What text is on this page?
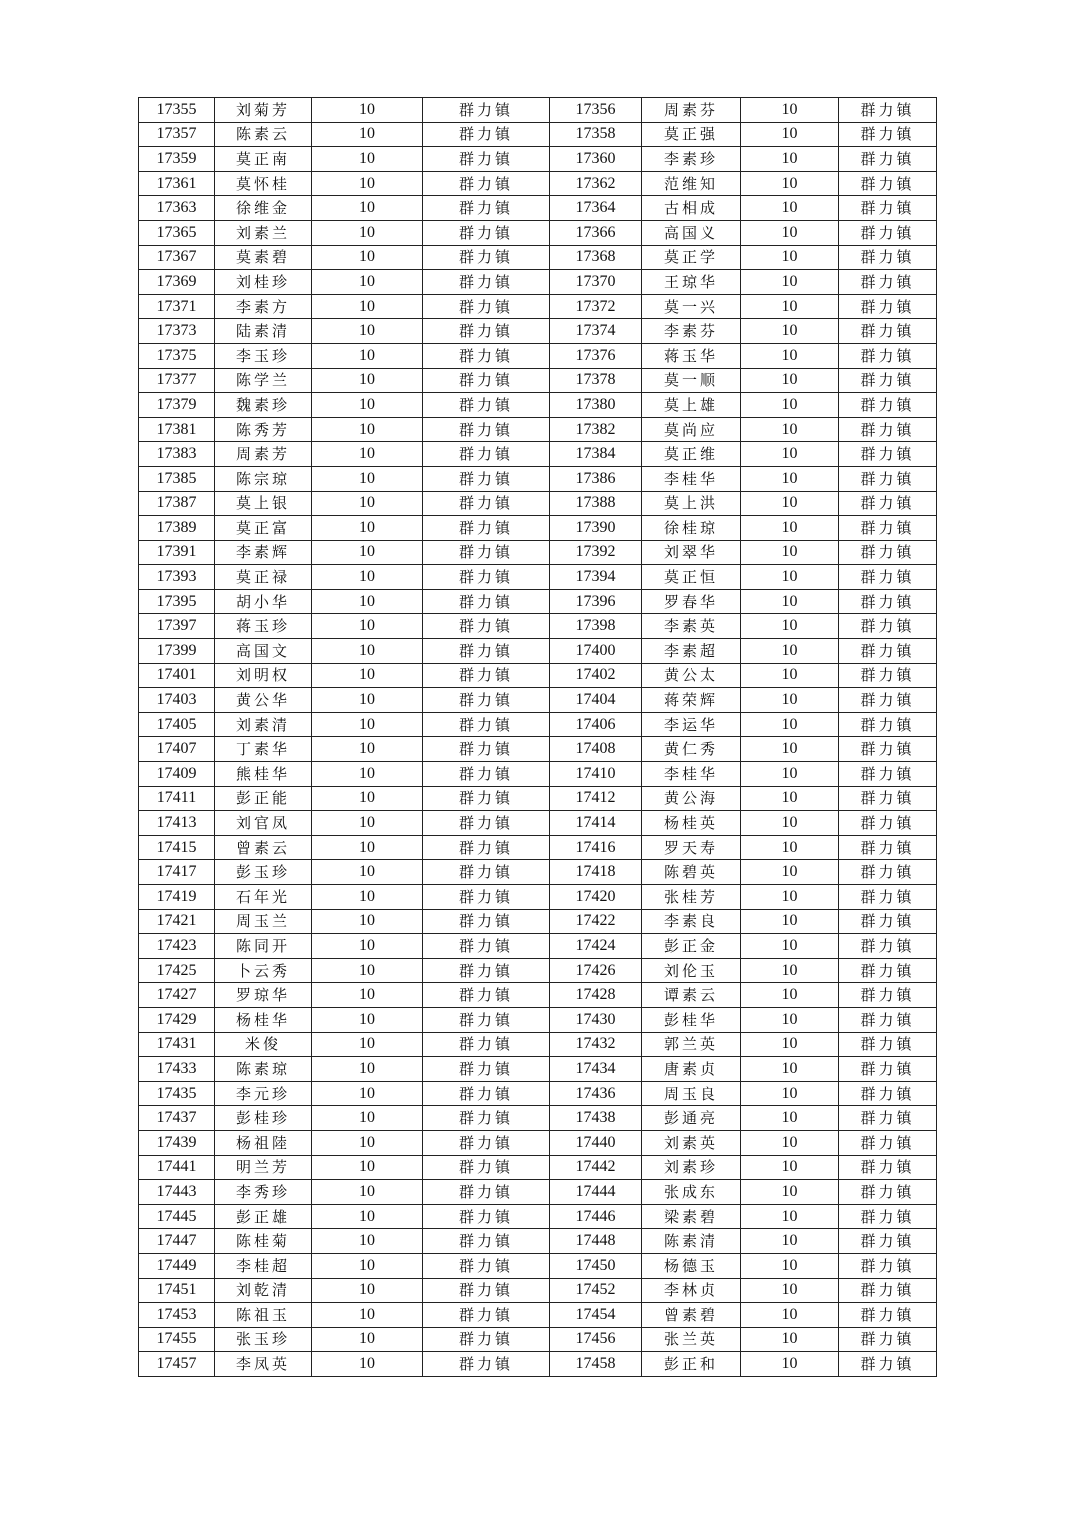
17355	刘菊芳	10	群力镇	17356	周素芬	10	群力镇
17357	陈素云	10	群力镇	17358	莫正强	10	群力镇
17359	莫正南	10	群力镇	17360	李素珍	10	群力镇
17361	莫怀桂	10	群力镇	17362	范维知	10	群力镇
17363	徐维金	10	群力镇	17364	古相成	10	群力镇
17365	刘素兰	10	群力镇	17366	高国义	10	群力镇
17367	莫素碧	10	群力镇	17368	莫正学	10	群力镇
17369	刘桂珍	10	群力镇	17370	王琼华	10	群力镇
17371	李素方	10	群力镇	17372	莫一兴	10	群力镇
17373	陆素清	10	群力镇	17374	李素芬	10	群力镇
17375	李玉珍	10	群力镇	17376	蒋玉华	10	群力镇
17377	陈学兰	10	群力镇	17378	莫一顺	10	群力镇
17379	魏素珍	10	群力镇	17380	莫上雄	10	群力镇
17381	陈秀芳	10	群力镇	17382	莫尚应	10	群力镇
17383	周素芳	10	群力镇	17384	莫正维	10	群力镇
17385	陈宗琼	10	群力镇	17386	李桂华	10	群力镇
17387	莫上银	10	群力镇	17388	莫上洪	10	群力镇
17389	莫正富	10	群力镇	17390	徐桂琼	10	群力镇
17391	李素辉	10	群力镇	17392	刘翠华	10	群力镇
17393	莫正禄	10	群力镇	17394	莫正恒	10	群力镇
17395	胡小华	10	群力镇	17396	罗春华	10	群力镇
17397	蒋玉珍	10	群力镇	17398	李素英	10	群力镇
17399	高国文	10	群力镇	17400	李素超	10	群力镇
17401	刘明权	10	群力镇	17402	黄公太	10	群力镇
17403	黄公华	10	群力镇	17404	蒋荣辉	10	群力镇
17405	刘素清	10	群力镇	17406	李运华	10	群力镇
17407	丁素华	10	群力镇	17408	黄仁秀	10	群力镇
17409	熊桂华	10	群力镇	17410	李桂华	10	群力镇
17411	彭正能	10	群力镇	17412	黄公海	10	群力镇
17413	刘官凤	10	群力镇	17414	杨桂英	10	群力镇
17415	曾素云	10	群力镇	17416	罗天寿	10	群力镇
17417	彭玉珍	10	群力镇	17418	陈碧英	10	群力镇
17419	石年光	10	群力镇	17420	张桂芳	10	群力镇
17421	周玉兰	10	群力镇	17422	李素良	10	群力镇
17423	陈同开	10	群力镇	17424	彭正金	10	群力镇
17425	卜云秀	10	群力镇	17426	刘伦玉	10	群力镇
17427	罗琼华	10	群力镇	17428	谭素云	10	群力镇
17429	杨桂华	10	群力镇	17430	彭桂华	10	群力镇
17431	米俊	10	群力镇	17432	郭兰英	10	群力镇
17433	陈素琼	10	群力镇	17434	唐素贞	10	群力镇
17435	李元珍	10	群力镇	17436	周玉良	10	群力镇
17437	彭桂珍	10	群力镇	17438	彭通亮	10	群力镇
17439	杨祖陸	10	群力镇	17440	刘素英	10	群力镇
17441	明兰芳	10	群力镇	17442	刘素珍	10	群力镇
17443	李秀珍	10	群力镇	17444	张成东	10	群力镇
17445	彭正雄	10	群力镇	17446	梁素碧	10	群力镇
17447	陈桂菊	10	群力镇	17448	陈素清	10	群力镇
17449	李桂超	10	群力镇	17450	杨德玉	10	群力镇
17451	刘乾清	10	群力镇	17452	李林贞	10	群力镇
17453	陈祖玉	10	群力镇	17454	曾素碧	10	群力镇
17455	张玉珍	10	群力镇	17456	张兰英	10	群力镇
17457	李凤英	10	群力镇	17458	彭正和	10	群力镇
